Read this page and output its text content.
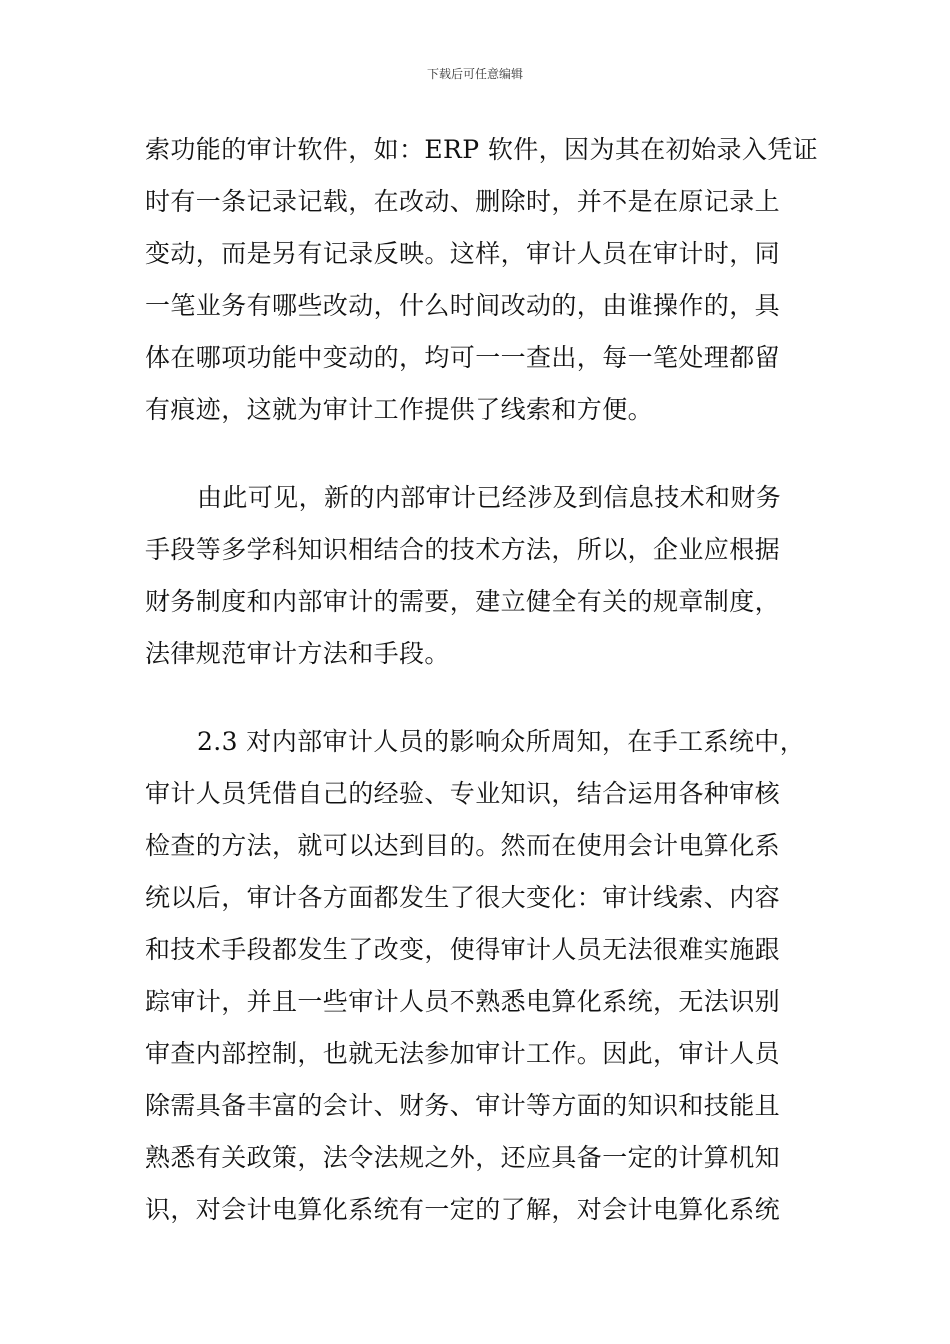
下载后可任意编辑
索功能的审计软件，如：ERP 软件，因为其在初始录入凭证
时有一条记录记载，在改动、删除时，并不是在原记录上
变动，而是另有记录反映。这样，审计人员在审计时，同
一笔业务有哪些改动，什么时间改动的，由谁操作的，具
体在哪项功能中变动的，均可一一查出，每一笔处理都留
有痕迹，这就为审计工作提供了线索和方便。
由此可见，新的内部审计已经涉及到信息技术和财务
手段等多学科知识相结合的技术方法，所以，企业应根据
财务制度和内部审计的需要，建立健全有关的规章制度，
法律规范审计方法和手段。
2.3 对内部审计人员的影响众所周知，在手工系统中，
审计人员凭借自己的经验、专业知识，结合运用各种审核
检查的方法，就可以达到目的。然而在使用会计电算化系
统以后，审计各方面都发生了很大变化：审计线索、内容
和技术手段都发生了改变，使得审计人员无法很难实施跟
踪审计，并且一些审计人员不熟悉电算化系统，无法识别
审查内部控制，也就无法参加审计工作。因此，审计人员
除需具备丰富的会计、财务、审计等方面的知识和技能且
熟悉有关政策，法令法规之外，还应具备一定的计算机知
识，对会计电算化系统有一定的了解，对会计电算化系统
